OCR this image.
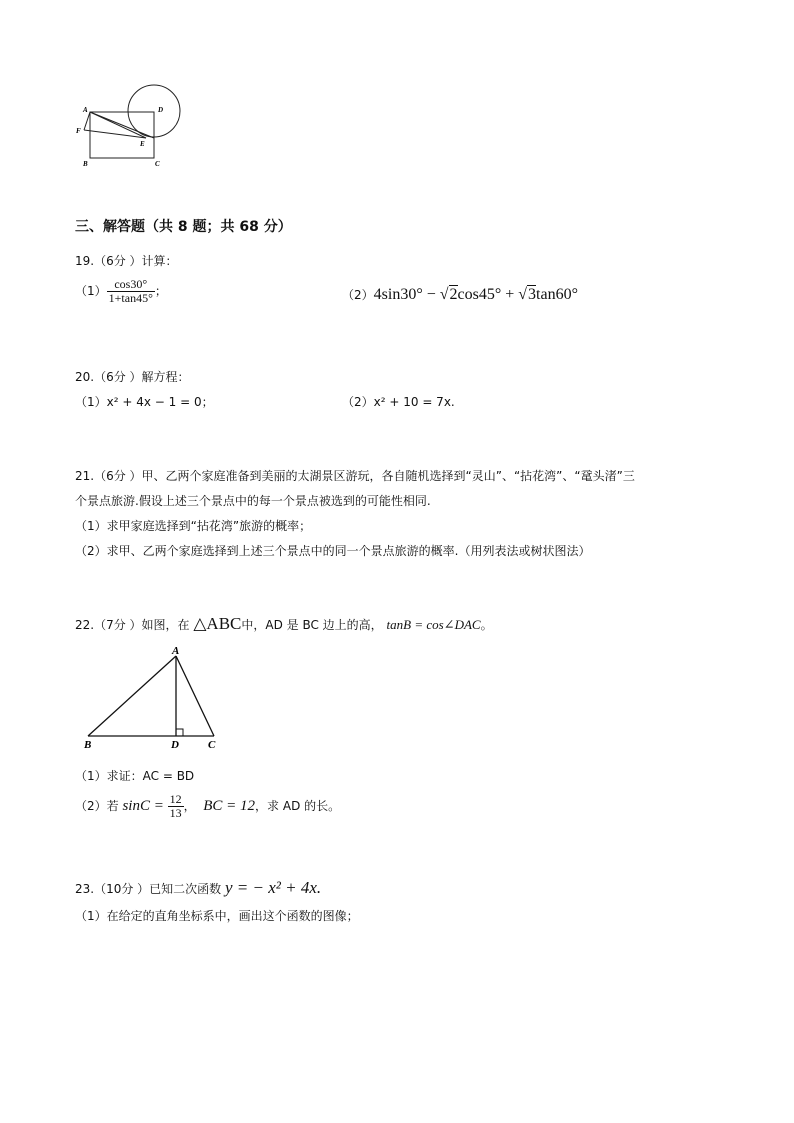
A	D
F
E
B	C
三、解答题（共 8 题；共 68 分）
19.（6分 ）计算：
$(1) \frac{\cos 30^\circ}{1+\tan 45^\circ}$ ；	（2）4sin30° − √2cos45° + √3tan60°
20.（6分 ）解方程：
（1）x² + 4x − 1 = 0；	（2）x² + 10 = 7x.
21.（6分 ）甲、乙两个家庭准备到美丽的太湖景区游玩，各自随机选择到“灵山”、“拈花湾”、“鼋头渚”三
个景点旅游.假设上述三个景点中的每一个景点被选到的可能性相同.
（1）求甲家庭选择到“拈花湾”旅游的概率；
（2）求甲、乙两个家庭选择到上述三个景点中的同一个景点旅游的概率.（用列表法或树状图法）
22.（7分 ）如图，在 △ABC中，AD 是 BC 边上的高， tanB = cos∠DAC。
A
B	D	C
（1）求证：AC = BD
（2）若 $\sin C = \frac{12}{13}$ ， BC = 12，求 AD 的长。
23.（10分 ）已知二次函数 y = − x² + 4x.
（1）在给定的直角坐标系中，画出这个函数的图像；
